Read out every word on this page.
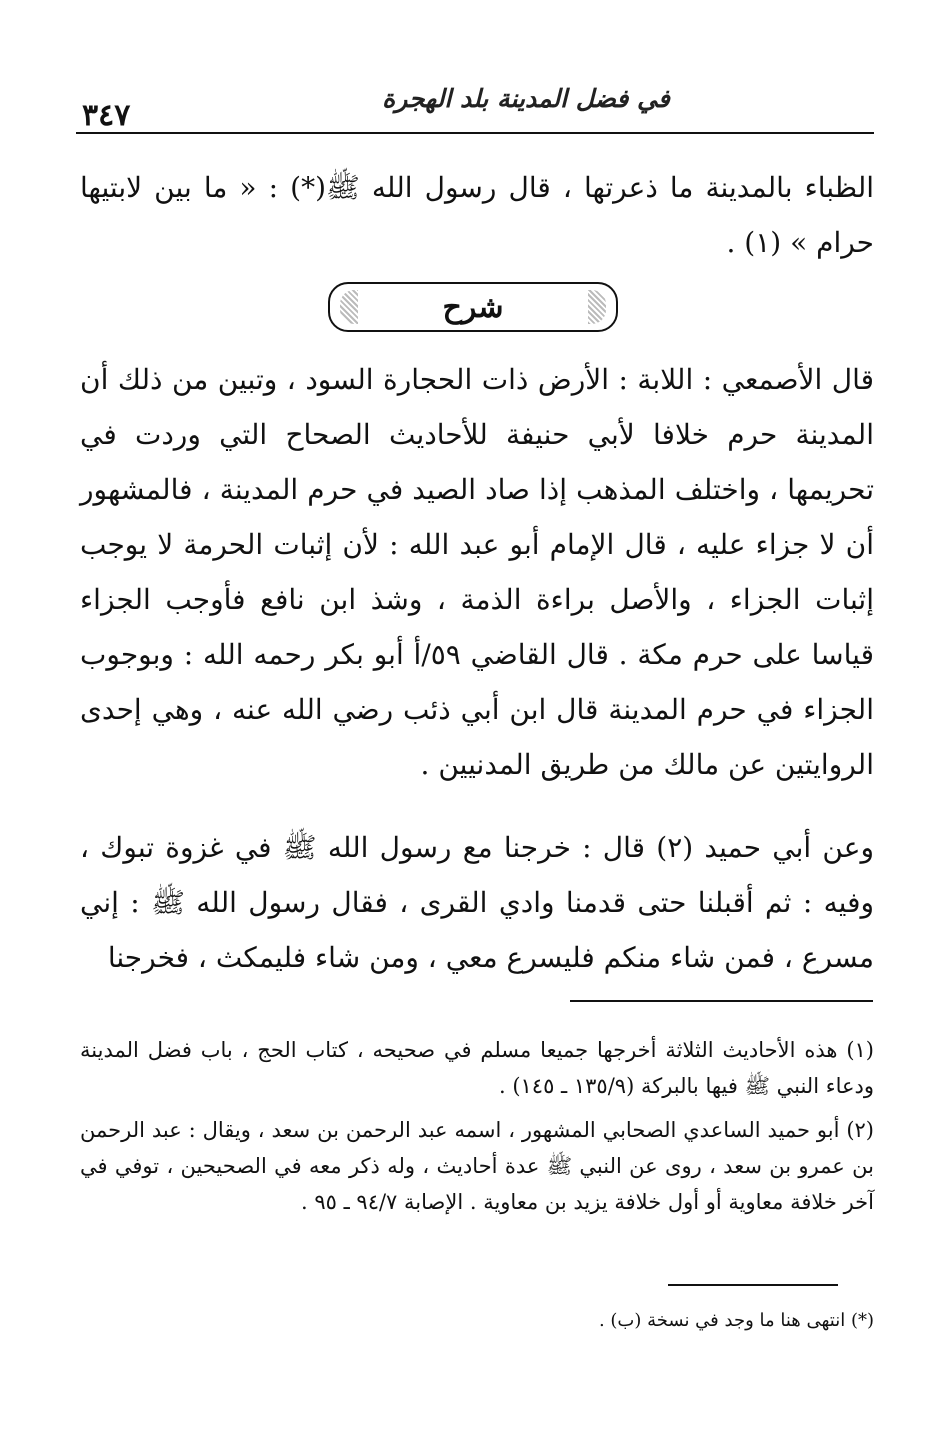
٣٤٧	في فضل المدينة بلد الهجرة

الظباء بالمدينة ما ذعرتها ، قال رسول الله ﷺ(*) : « ما بين لابتيها حرام » (١) .

شرح

قال الأصمعي : اللابة : الأرض ذات الحجارة السود ، وتبين من ذلك أن المدينة حرم خلافا لأبي حنيفة للأحاديث الصحاح التي وردت في تحريمها ، واختلف المذهب إذا صاد الصيد في حرم المدينة ، فالمشهور أن لا جزاء عليه ، قال الإمام أبو عبد الله : لأن إثبات الحرمة لا يوجب إثبات الجزاء ، والأصل براءة الذمة ، وشذ ابن نافع فأوجب الجزاء قياسا على حرم مكة . قال القاضي ٥٩/أ أبو بكر رحمه الله : وبوجوب الجزاء في حرم المدينة قال ابن أبي ذئب رضي الله عنه ، وهي إحدى الروايتين عن مالك من طريق المدنيين .

وعن أبي حميد (٢) قال : خرجنا مع رسول الله ﷺ في غزوة تبوك ، وفيه : ثم أقبلنا حتى قدمنا وادي القرى ، فقال رسول الله ﷺ : إني مسرع ، فمن شاء منكم فليسرع معي ، ومن شاء فليمكث ، فخرجنا

(١) هذه الأحاديث الثلاثة أخرجها جميعا مسلم في صحيحه ، كتاب الحج ، باب فضل المدينة ودعاء النبي ﷺ فيها بالبركة (١٣٥/٩ ـ ١٤٥) .

(٢) أبو حميد الساعدي الصحابي المشهور ، اسمه عبد الرحمن بن سعد ، ويقال : عبد الرحمن بن عمرو بن سعد ، روى عن النبي ﷺ عدة أحاديث ، وله ذكر معه في الصحيحين ، توفي في آخر خلافة معاوية أو أول خلافة يزيد بن معاوية . الإصابة ٩٤/٧ ـ ٩٥ .

(*) انتهى هنا ما وجد في نسخة (ب) .
